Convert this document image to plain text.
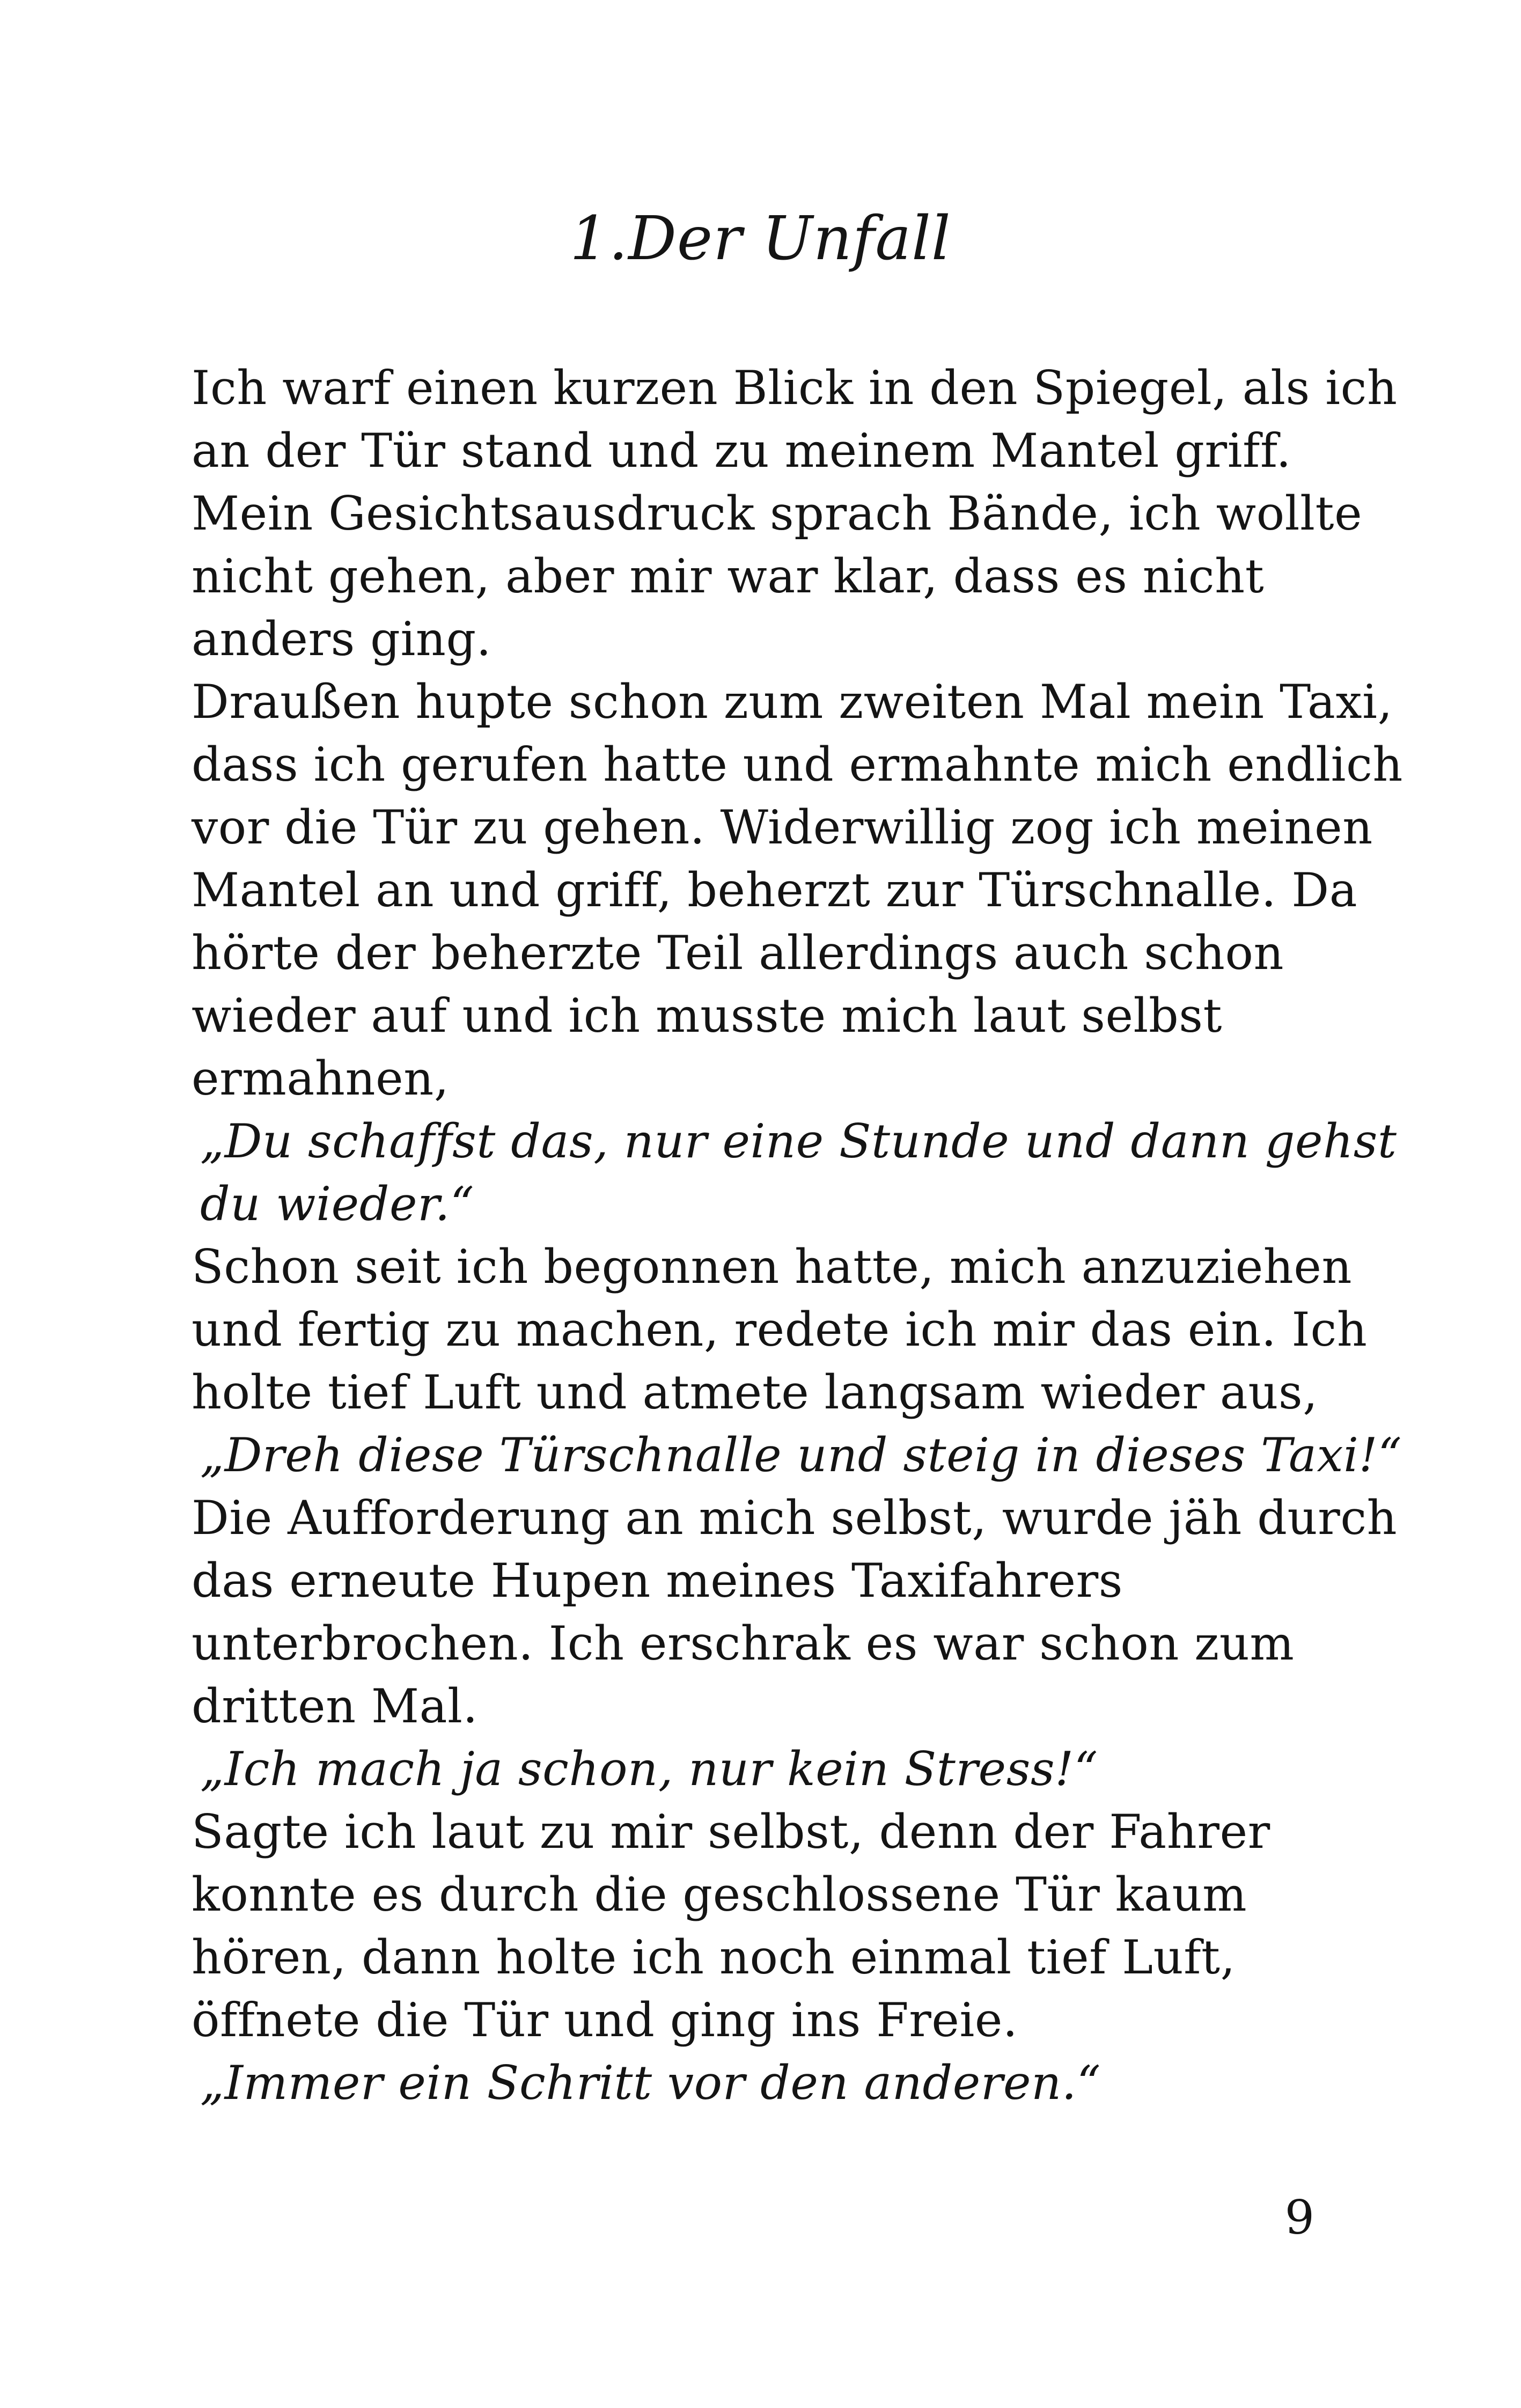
1.Der Unfall
Ich warf einen kurzen Blick in den Spiegel, als ich
an der Tür stand und zu meinem Mantel griff.
Mein Gesichtsausdruck sprach Bände, ich wollte
nicht gehen, aber mir war klar, dass es nicht
anders ging.
Draußen hupte schon zum zweiten Mal mein Taxi,
dass ich gerufen hatte und ermahnte mich endlich
vor die Tür zu gehen. Widerwillig zog ich meinen
Mantel an und griff, beherzt zur Türschnalle. Da
hörte der beherzte Teil allerdings auch schon
wieder auf und ich musste mich laut selbst
ermahnen,
„Du schaffst das, nur eine Stunde und dann gehst
du wieder.“
Schon seit ich begonnen hatte, mich anzuziehen
und fertig zu machen, redete ich mir das ein. Ich
holte tief Luft und atmete langsam wieder aus,
„Dreh diese Türschnalle und steig in dieses Taxi!“
Die Aufforderung an mich selbst, wurde jäh durch
das erneute Hupen meines Taxifahrers
unterbrochen. Ich erschrak es war schon zum
dritten Mal.
„Ich mach ja schon, nur kein Stress!“
Sagte ich laut zu mir selbst, denn der Fahrer
konnte es durch die geschlossene Tür kaum
hören, dann holte ich noch einmal tief Luft,
öffnete die Tür und ging ins Freie.
„Immer ein Schritt vor den anderen.“
9
